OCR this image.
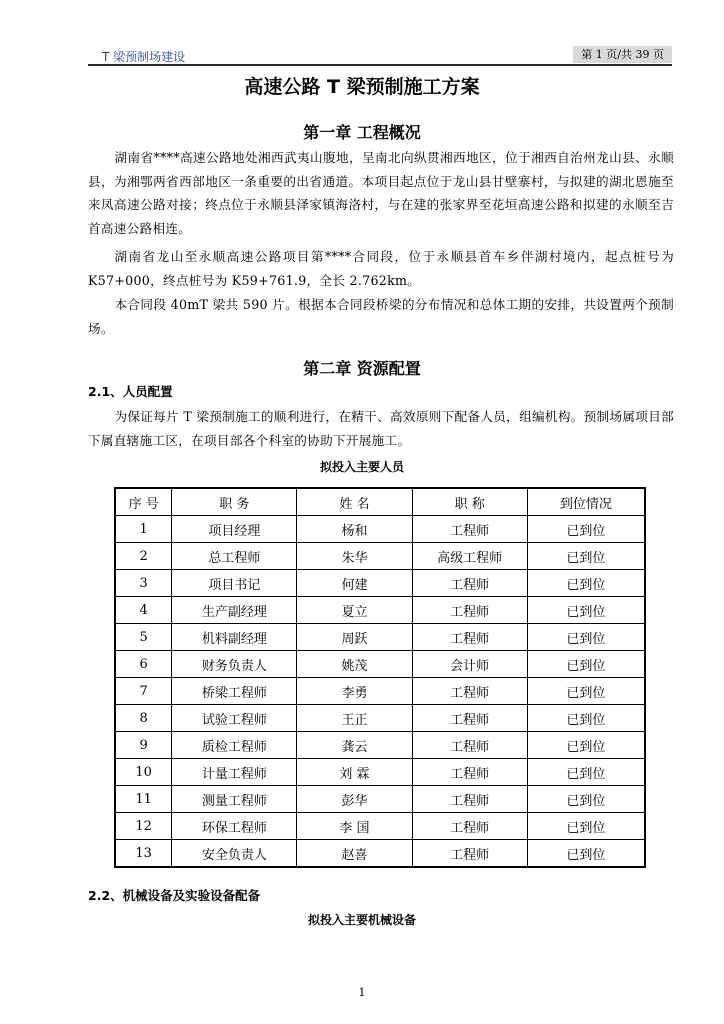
T 梁预制场建设	第 1 页/共 39 页
高速公路 T 梁预制施工方案
第一章 工程概况
湖南省****高速公路地处湘西武夷山腹地，呈南北向纵贯湘西地区，位于湘西自治州龙山县、永顺县，为湘鄂两省西部地区一条重要的出省通道。本项目起点位于龙山县甘壁寨村，与拟建的湖北恩施至来凤高速公路对接；终点位于永顺县泽家镇海洛村，与在建的张家界至花垣高速公路和拟建的永顺至吉首高速公路相连。
湖南省龙山至永顺高速公路项目第****合同段，位于永顺县首车乡伴湖村境内，起点桩号为 K57+000，终点桩号为 K59+761.9，全长 2.762km。
本合同段 40mT 梁共 590 片。根据本合同段桥梁的分布情况和总体工期的安排，共设置两个预制场。
第二章 资源配置
2.1、人员配置
为保证每片 T 梁预制施工的顺利进行，在精干、高效原则下配备人员，组编机构。预制场属项目部下属直辖施工区，在项目部各个科室的协助下开展施工。
拟投入主要人员
序 号	职 务	姓 名	职 称	到位情况
1	项目经理	杨和	工程师	已到位
2	总工程师	朱华	高级工程师	已到位
3	项目书记	何建	工程师	已到位
4	生产副经理	夏立	工程师	已到位
5	机料副经理	周跃	工程师	已到位
6	财务负责人	姚茂	会计师	已到位
7	桥梁工程师	李勇	工程师	已到位
8	试验工程师	王正	工程师	已到位
9	质检工程师	龚云	工程师	已到位
10	计量工程师	刘 霖	工程师	已到位
11	测量工程师	彭华	工程师	已到位
12	环保工程师	李 国	工程师	已到位
13	安全负责人	赵喜	工程师	已到位
2.2、机械设备及实验设备配备
拟投入主要机械设备
1
